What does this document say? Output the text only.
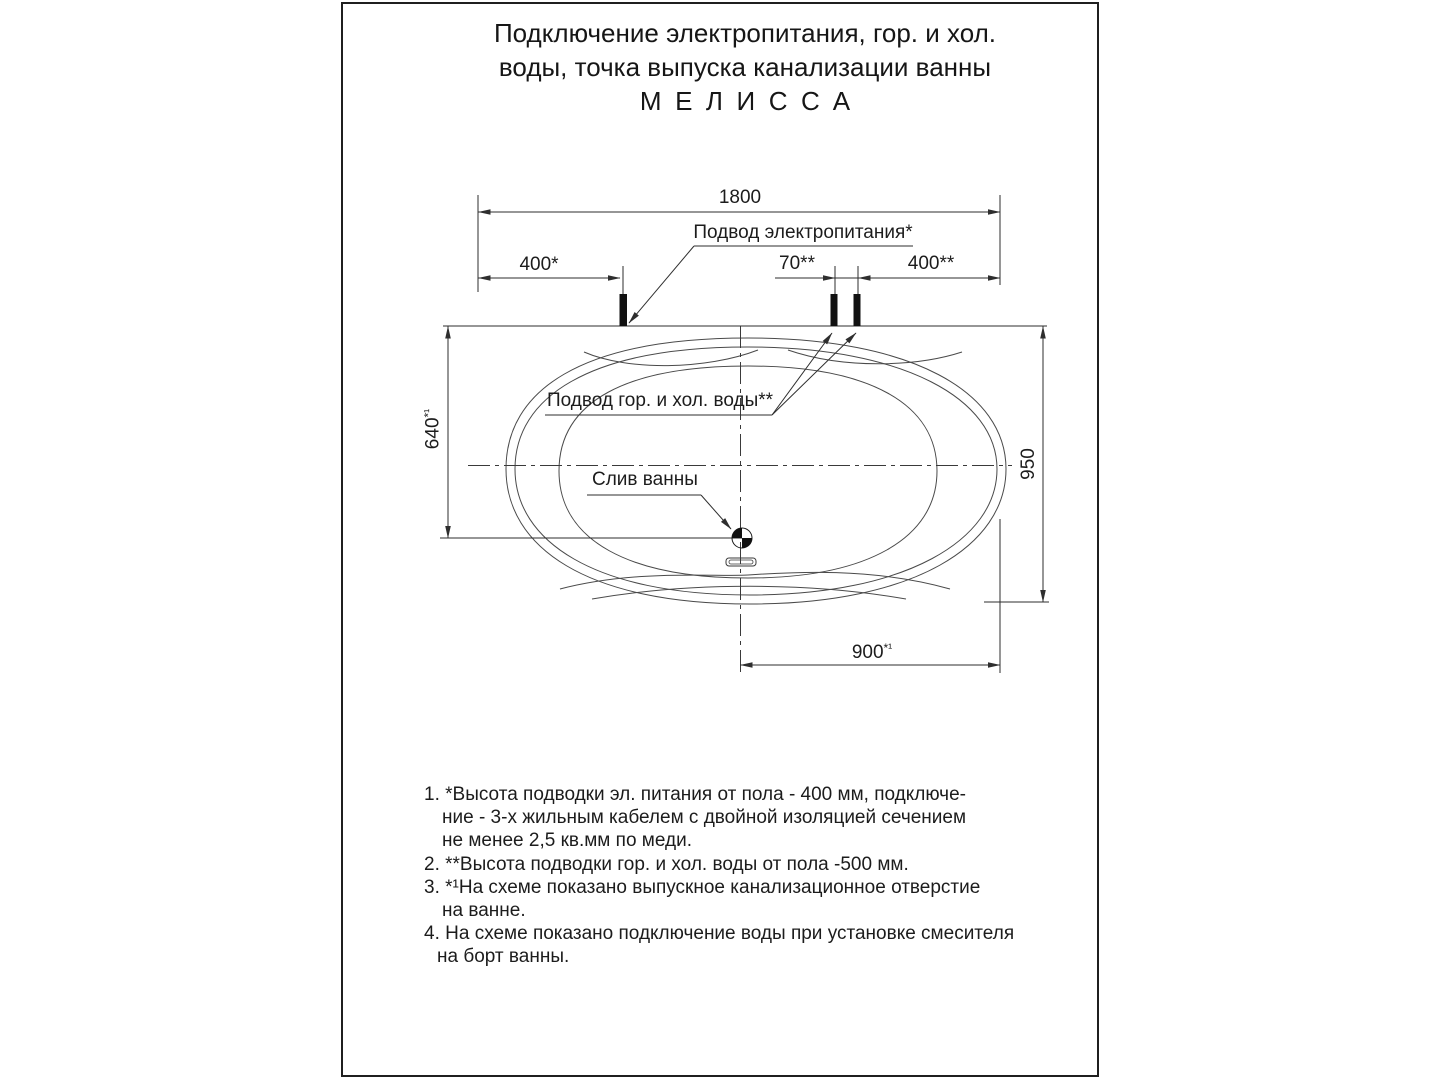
Подключение электропитания, гор. и хол.
воды, точка выпуска канализации ванны
МЕЛИССА
1800
Подвод электропитания*
400*	70**	400**
$640^{*^1}$
950
Подвод гор. и хол. воды**
Слив ванны
$900^{*^1}$
1. *Высота подводки эл. питания от пола - 400 мм, подключе-
ние - 3-х жильным кабелем с двойной изоляцией сечением
не менее 2,5 кв.мм по меди.
2. **Высота подводки гор. и хол. воды от пола -500 мм.
3. *¹На схеме показано выпускное канализационное отверстие
на ванне.
4. На схеме показано подключение воды при установке смесителя
на борт ванны.
